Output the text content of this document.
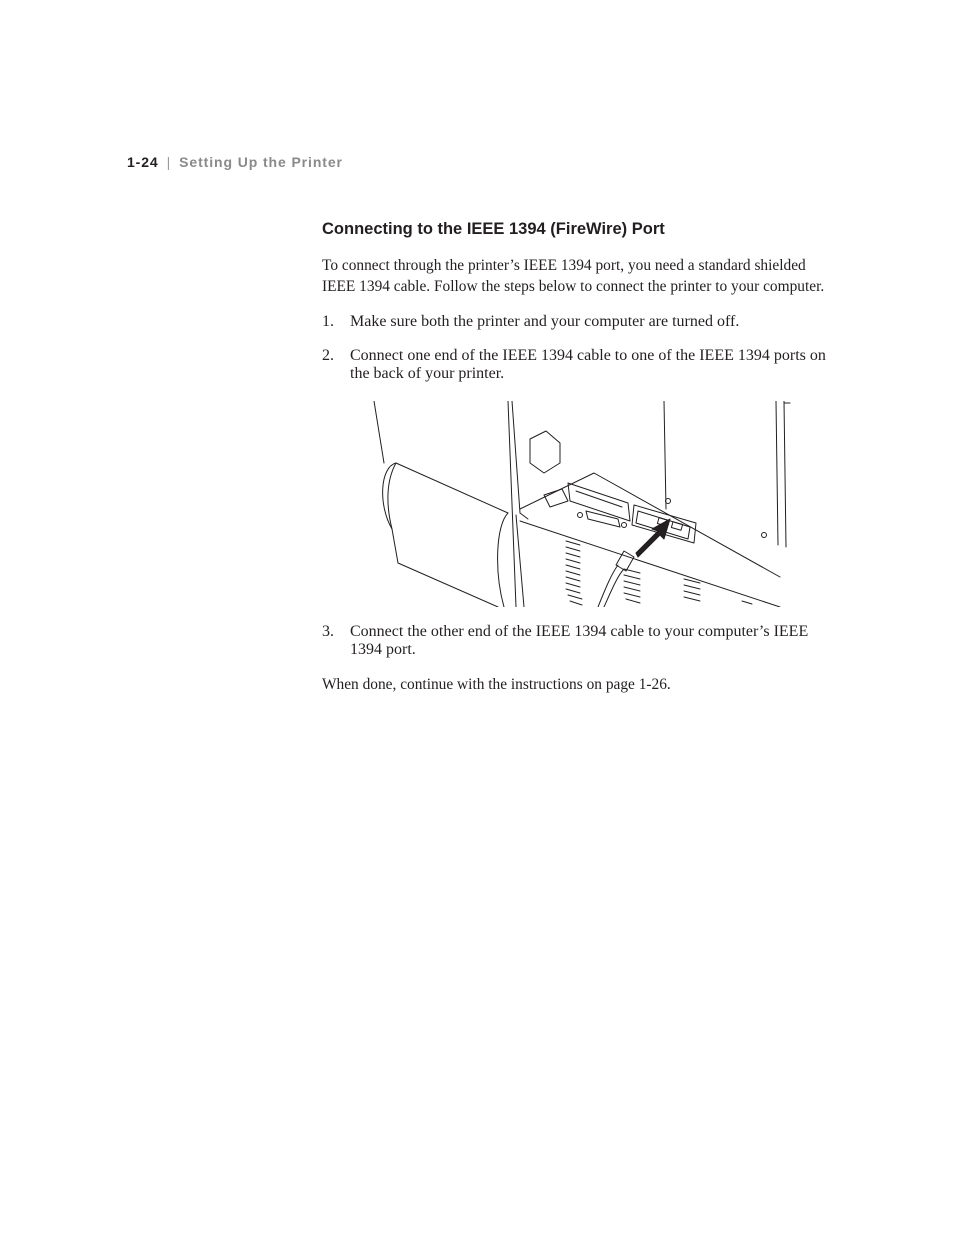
1-24 | Setting Up the Printer
Connecting to the IEEE 1394 (FireWire) Port

To connect through the printer’s IEEE 1394 port, you need a standard shielded IEEE 1394 cable. Follow the steps below to connect the printer to your computer.

1.	Make sure both the printer and your computer are turned off.
2.	Connect one end of the IEEE 1394 cable to one of the IEEE 1394 ports on the back of your printer.
3.	Connect the other end of the IEEE 1394 cable to your computer’s IEEE 1394 port.

When done, continue with the instructions on page 1-26.
